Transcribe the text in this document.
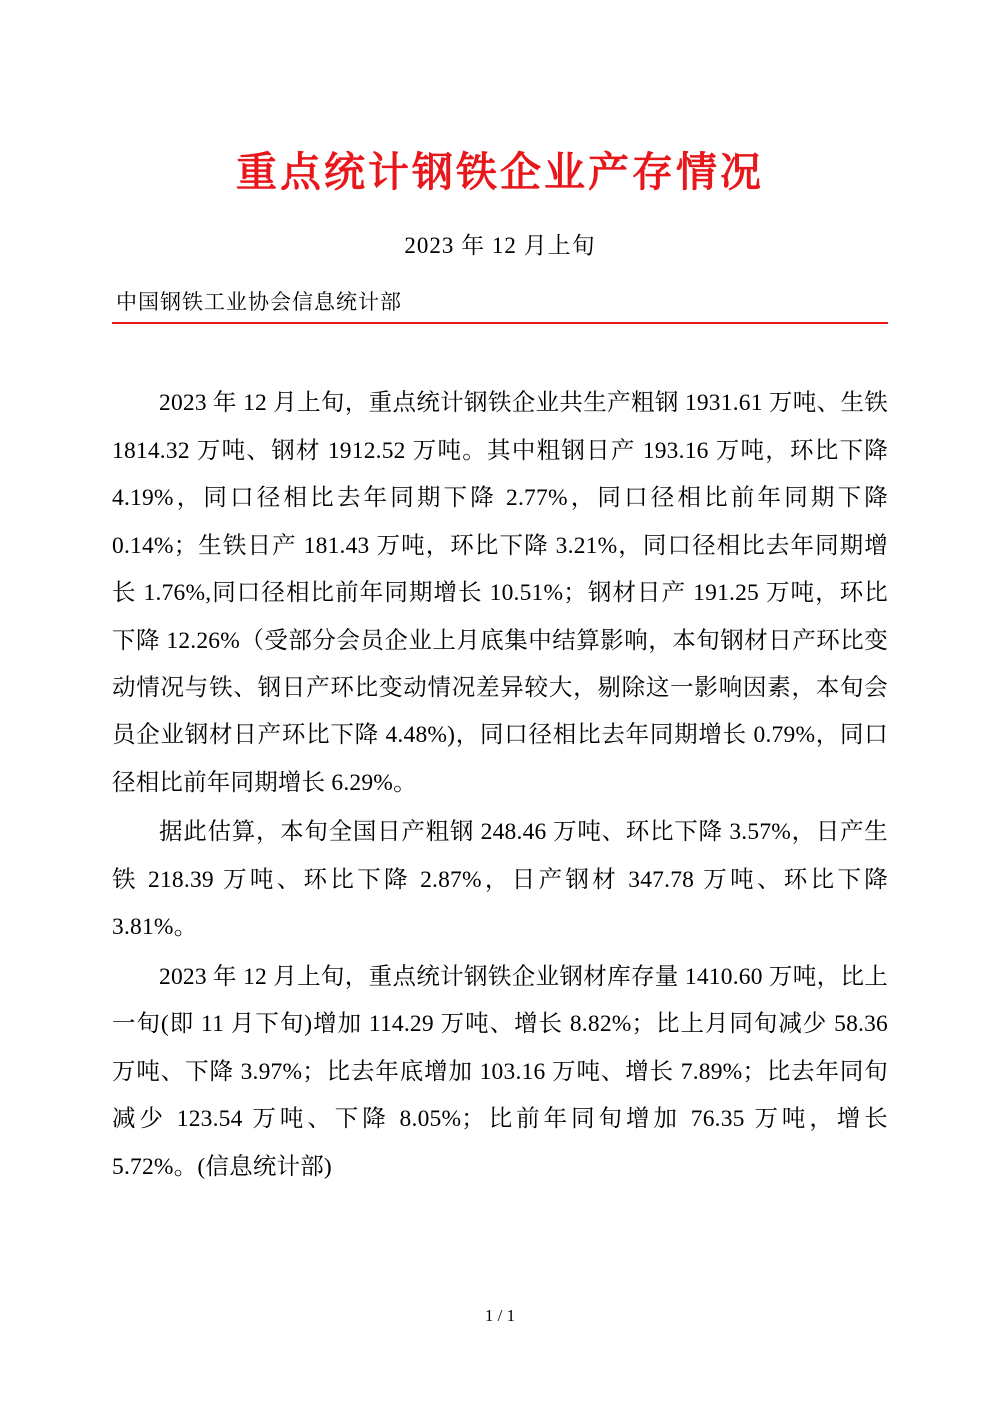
重点统计钢铁企业产存情况
2023 年 12 月上旬
中国钢铁工业协会信息统计部

2023 年 12 月上旬，重点统计钢铁企业共生产粗钢 1931.61 万吨、生铁 1814.32 万吨、钢材 1912.52 万吨。其中粗钢日产 193.16 万吨，环比下降 4.19%，同口径相比去年同期下降 2.77%，同口径相比前年同期下降 0.14%；生铁日产 181.43 万吨，环比下降 3.21%，同口径相比去年同期增长 1.76%,同口径相比前年同期增长 10.51%；钢材日产 191.25 万吨，环比下降 12.26%（受部分会员企业上月底集中结算影响，本旬钢材日产环比变动情况与铁、钢日产环比变动情况差异较大，剔除这一影响因素，本旬会员企业钢材日产环比下降 4.48%)，同口径相比去年同期增长 0.79%，同口径相比前年同期增长 6.29%。

据此估算，本旬全国日产粗钢 248.46 万吨、环比下降 3.57%，日产生铁 218.39 万吨、环比下降 2.87%，日产钢材 347.78 万吨、环比下降 3.81%。

2023 年 12 月上旬，重点统计钢铁企业钢材库存量 1410.60 万吨，比上一旬(即 11 月下旬)增加 114.29 万吨、增长 8.82%；比上月同旬减少 58.36 万吨、下降 3.97%；比去年底增加 103.16 万吨、增长 7.89%；比去年同旬减少 123.54 万吨、下降 8.05%；比前年同旬增加 76.35 万吨，增长 5.72%。(信息统计部)

1 / 1
